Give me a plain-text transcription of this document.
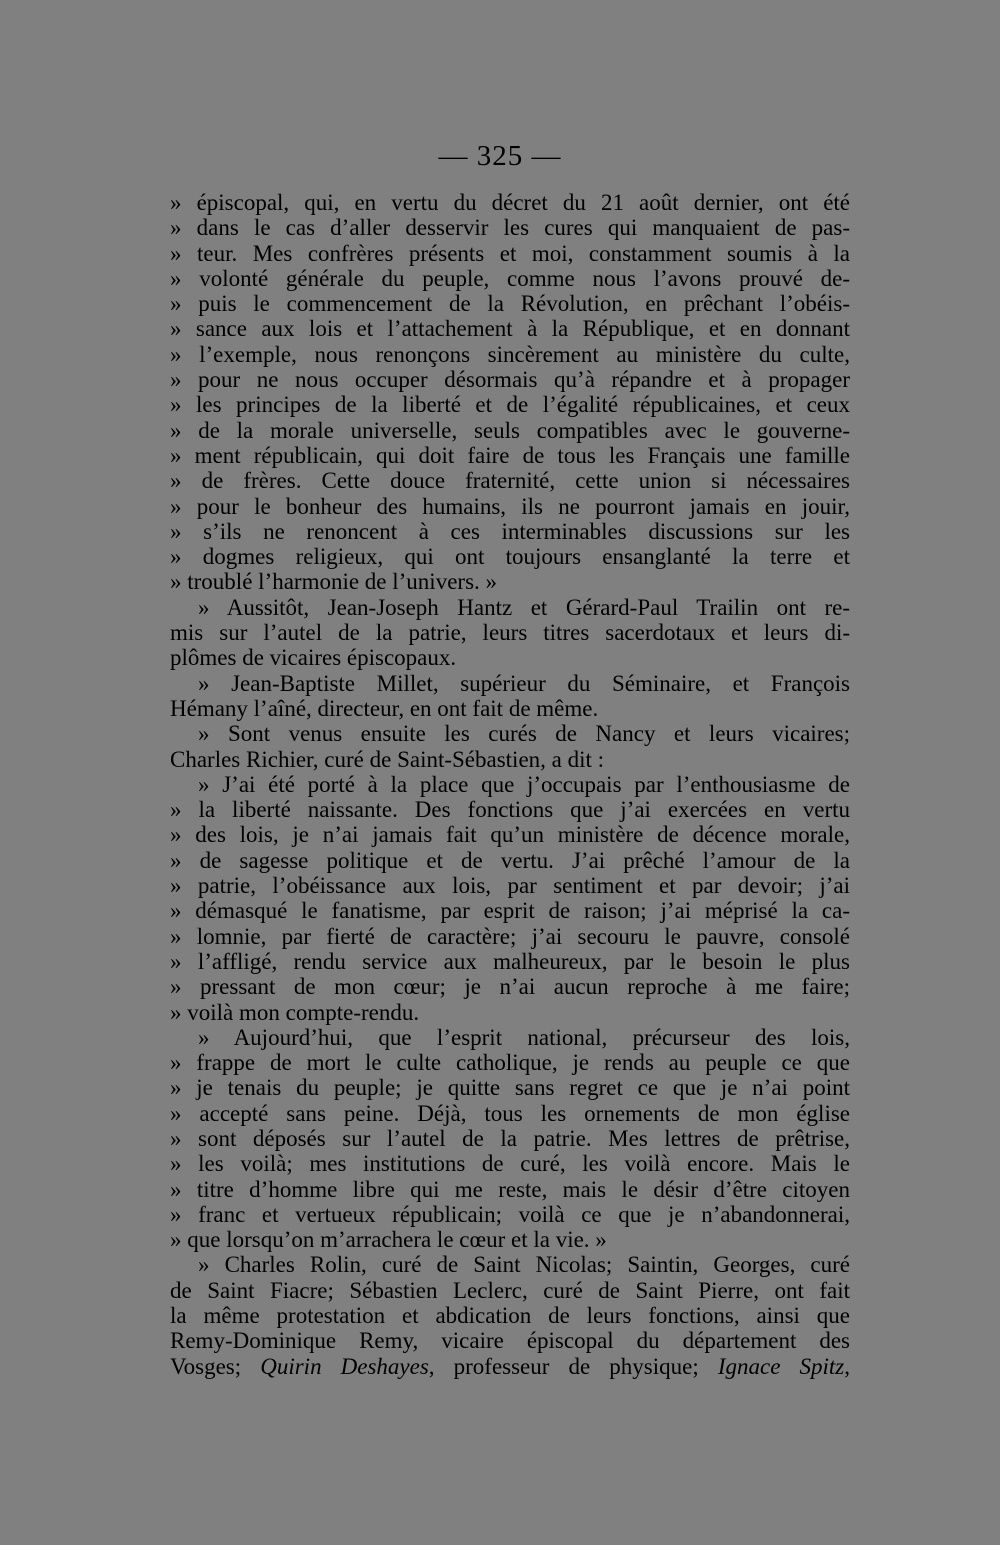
— 325 —
» épiscopal, qui, en vertu du décret du 21 août dernier, ont été
» dans le cas d’aller desservir les cures qui manquaient de pas-
» teur. Mes confrères présents et moi, constamment soumis à la
» volonté générale du peuple, comme nous l’avons prouvé de-
» puis le commencement de la Révolution, en prêchant l’obéis-
» sance aux lois et l’attachement à la République, et en donnant
» l’exemple, nous renonçons sincèrement au ministère du culte,
» pour ne nous occuper désormais qu’à répandre et à propager
» les principes de la liberté et de l’égalité républicaines, et ceux
» de la morale universelle, seuls compatibles avec le gouverne-
» ment républicain, qui doit faire de tous les Français une famille
» de frères. Cette douce fraternité, cette union si nécessaires
» pour le bonheur des humains, ils ne pourront jamais en jouir,
» s’ils ne renoncent à ces interminables discussions sur les
» dogmes religieux, qui ont toujours ensanglanté la terre et
» troublé l’harmonie de l’univers. »
» Aussitôt, Jean-Joseph Hantz et Gérard-Paul Trailin ont re-
mis sur l’autel de la patrie, leurs titres sacerdotaux et leurs di-
plômes de vicaires épiscopaux.
» Jean-Baptiste Millet, supérieur du Séminaire, et François
Hémany l’aîné, directeur, en ont fait de même.
» Sont venus ensuite les curés de Nancy et leurs vicaires;
Charles Richier, curé de Saint-Sébastien, a dit :
» J’ai été porté à la place que j’occupais par l’enthousiasme de
» la liberté naissante. Des fonctions que j’ai exercées en vertu
» des lois, je n’ai jamais fait qu’un ministère de décence morale,
» de sagesse politique et de vertu. J’ai prêché l’amour de la
» patrie, l’obéissance aux lois, par sentiment et par devoir; j’ai
» démasqué le fanatisme, par esprit de raison; j’ai méprisé la ca-
» lomnie, par fierté de caractère; j’ai secouru le pauvre, consolé
» l’affligé, rendu service aux malheureux, par le besoin le plus
» pressant de mon cœur; je n’ai aucun reproche à me faire;
» voilà mon compte-rendu.
» Aujourd’hui, que l’esprit national, précurseur des lois,
» frappe de mort le culte catholique, je rends au peuple ce que
» je tenais du peuple; je quitte sans regret ce que je n’ai point
» accepté sans peine. Déjà, tous les ornements de mon église
» sont déposés sur l’autel de la patrie. Mes lettres de prêtrise,
» les voilà; mes institutions de curé, les voilà encore. Mais le
» titre d’homme libre qui me reste, mais le désir d’être citoyen
» franc et vertueux républicain; voilà ce que je n’abandonnerai,
» que lorsqu’on m’arrachera le cœur et la vie. »
» Charles Rolin, curé de Saint Nicolas; Saintin, Georges, curé
de Saint Fiacre; Sébastien Leclerc, curé de Saint Pierre, ont fait
la même protestation et abdication de leurs fonctions, ainsi que
Remy-Dominique Remy, vicaire épiscopal du département des
Vosges; Quirin Deshayes, professeur de physique; Ignace Spitz,
